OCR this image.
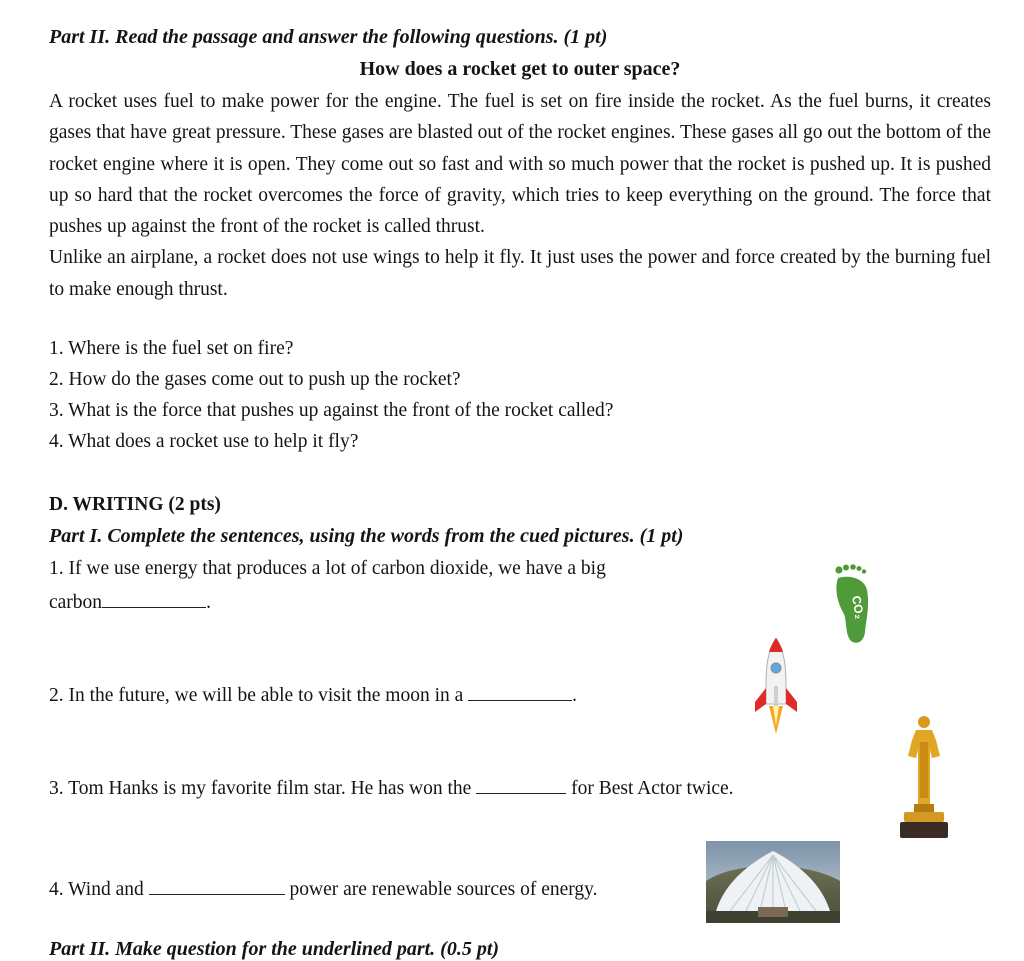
Part II. Read the passage and answer the following questions. (1 pt)
How does a rocket get to outer space?

A rocket uses fuel to make power for the engine. The fuel is set on fire inside the rocket. As the fuel burns, it creates gases that have great pressure. These gases are blasted out of the rocket engines. These gases all go out the bottom of the rocket engine where it is open. They come out so fast and with so much power that the rocket is pushed up. It is pushed up so hard that the rocket overcomes the force of gravity, which tries to keep everything on the ground. The force that pushes up against the front of the rocket is called thrust.

Unlike an airplane, a rocket does not use wings to help it fly. It just uses the power and force created by the burning fuel to make enough thrust.

1. Where is the fuel set on fire?
2. How do the gases come out to push up the rocket?
3. What is the force that pushes up against the front of the rocket called?
4. What does a rocket use to help it fly?
D. WRITING (2 pts)
Part I. Complete the sentences, using the words from the cued pictures. (1 pt)
1. If we use energy that produces a lot of carbon dioxide, we have a big
carbon	.
2. In the future, we will be able to visit the moon in a	.
3. Tom Hanks is my favorite film star. He has won the	for Best Actor twice.
4. Wind and	power are renewable sources of energy.
CO₂
Part II. Make question for the underlined part. (0.5 pt)
